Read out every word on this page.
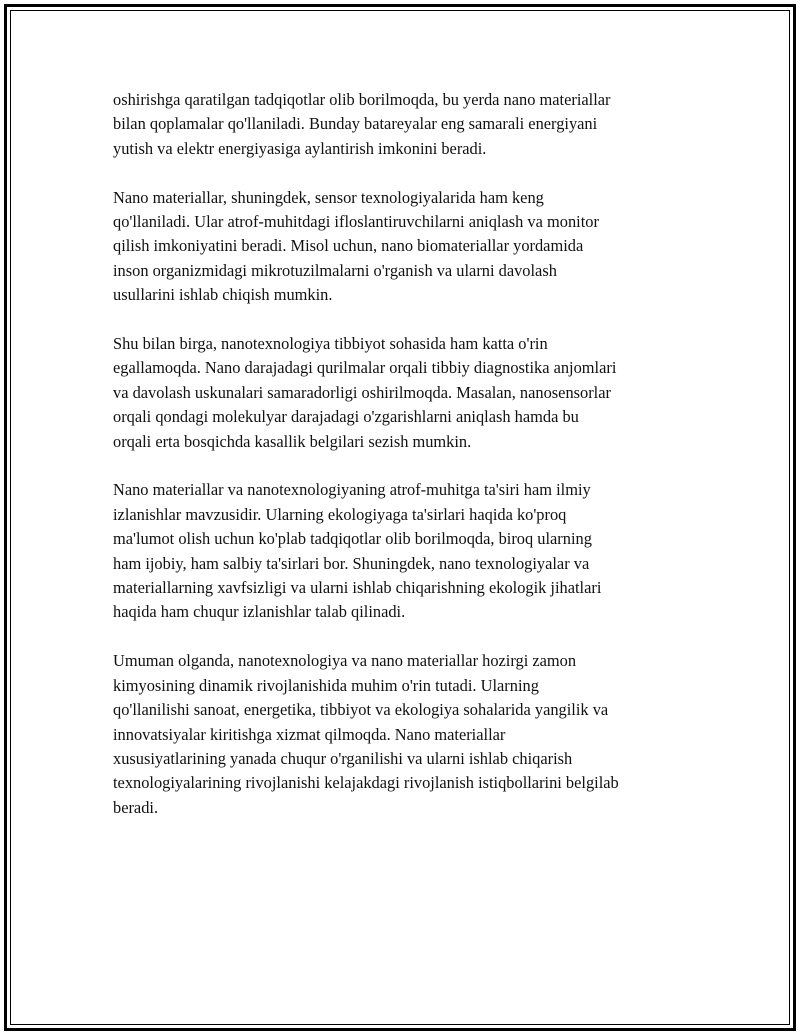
oshirishga qaratilgan tadqiqotlar olib borilmoqda, bu yerda nano materiallar
bilan qoplamalar qo'llaniladi. Bunday batareyalar eng samarali energiyani
yutish va elektr energiyasiga aylantirish imkonini beradi.

Nano materiallar, shuningdek, sensor texnologiyalarida ham keng
qo'llaniladi. Ular atrof-muhitdagi ifloslantiruvchilarni aniqlash va monitor
qilish imkoniyatini beradi. Misol uchun, nano biomateriallar yordamida
inson organizmidagi mikrotuzilmalarni o'rganish va ularni davolash
usullarini ishlab chiqish mumkin.

Shu bilan birga, nanotexnologiya tibbiyot sohasida ham katta o'rin
egallamoqda. Nano darajadagi qurilmalar orqali tibbiy diagnostika anjomlari
va davolash uskunalari samaradorligi oshirilmoqda. Masalan, nanosensorlar
orqali qondagi molekulyar darajadagi o'zgarishlarni aniqlash hamda bu
orqali erta bosqichda kasallik belgilari sezish mumkin.

Nano materiallar va nanotexnologiyaning atrof-muhitga ta'siri ham ilmiy
izlanishlar mavzusidir. Ularning ekologiyaga ta'sirlari haqida ko'proq
ma'lumot olish uchun ko'plab tadqiqotlar olib borilmoqda, biroq ularning
ham ijobiy, ham salbiy ta'sirlari bor. Shuningdek, nano texnologiyalar va
materiallarning xavfsizligi va ularni ishlab chiqarishning ekologik jihatlari
haqida ham chuqur izlanishlar talab qilinadi.

Umuman olganda, nanotexnologiya va nano materiallar hozirgi zamon
kimyosining dinamik rivojlanishida muhim o'rin tutadi. Ularning
qo'llanilishi sanoat, energetika, tibbiyot va ekologiya sohalarida yangilik va
innovatsiyalar kiritishga xizmat qilmoqda. Nano materiallar
xususiyatlarining yanada chuqur o'rganilishi va ularni ishlab chiqarish
texnologiyalarining rivojlanishi kelajakdagi rivojlanish istiqbollarini belgilab
beradi.
